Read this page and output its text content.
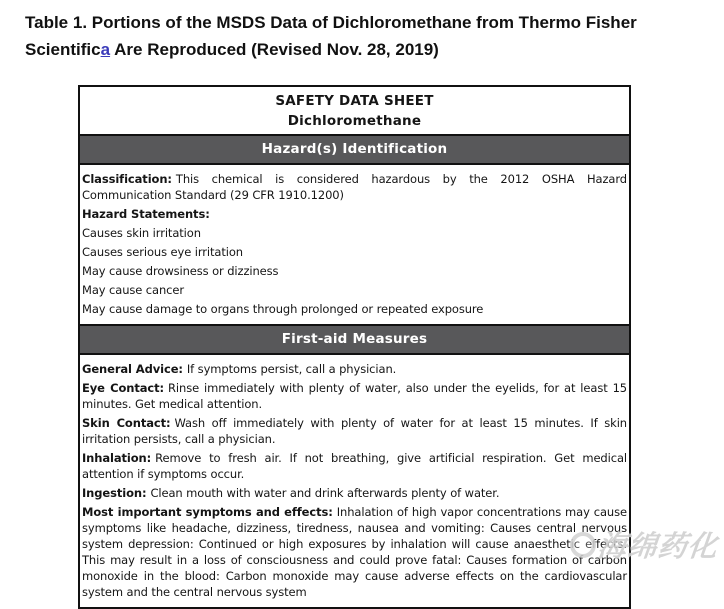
Table 1. Portions of the MSDS Data of Dichloromethane from Thermo Fisher Scientifica Are Reproduced (Revised Nov. 28, 2019)
SAFETY DATA SHEET
Dichloromethane
Hazard(s) Identification

Classification: This chemical is considered hazardous by the 2012 OSHA Hazard Communication Standard (29 CFR 1910.1200)

Hazard Statements:

Causes skin irritation

Causes serious eye irritation

May cause drowsiness or dizziness

May cause cancer

May cause damage to organs through prolonged or repeated exposure

First-aid Measures

General Advice: If symptoms persist, call a physician.

Eye Contact: Rinse immediately with plenty of water, also under the eyelids, for at least 15 minutes. Get medical attention.

Skin Contact: Wash off immediately with plenty of water for at least 15 minutes. If skin irritation persists, call a physician.

Inhalation: Remove to fresh air. If not breathing, give artificial respiration. Get medical attention if symptoms occur.

Ingestion: Clean mouth with water and drink afterwards plenty of water.

Most important symptoms and effects: Inhalation of high vapor concentrations may cause symptoms like headache, dizziness, tiredness, nausea and vomiting: Causes central nervous system depression: Continued or high exposures by inhalation will cause anaesthetic effects. This may result in a loss of consciousness and could prove fatal: Causes formation of carbon monoxide in the blood: Carbon monoxide may cause adverse effects on the cardiovascular system and the central nervous system

海绵药化
